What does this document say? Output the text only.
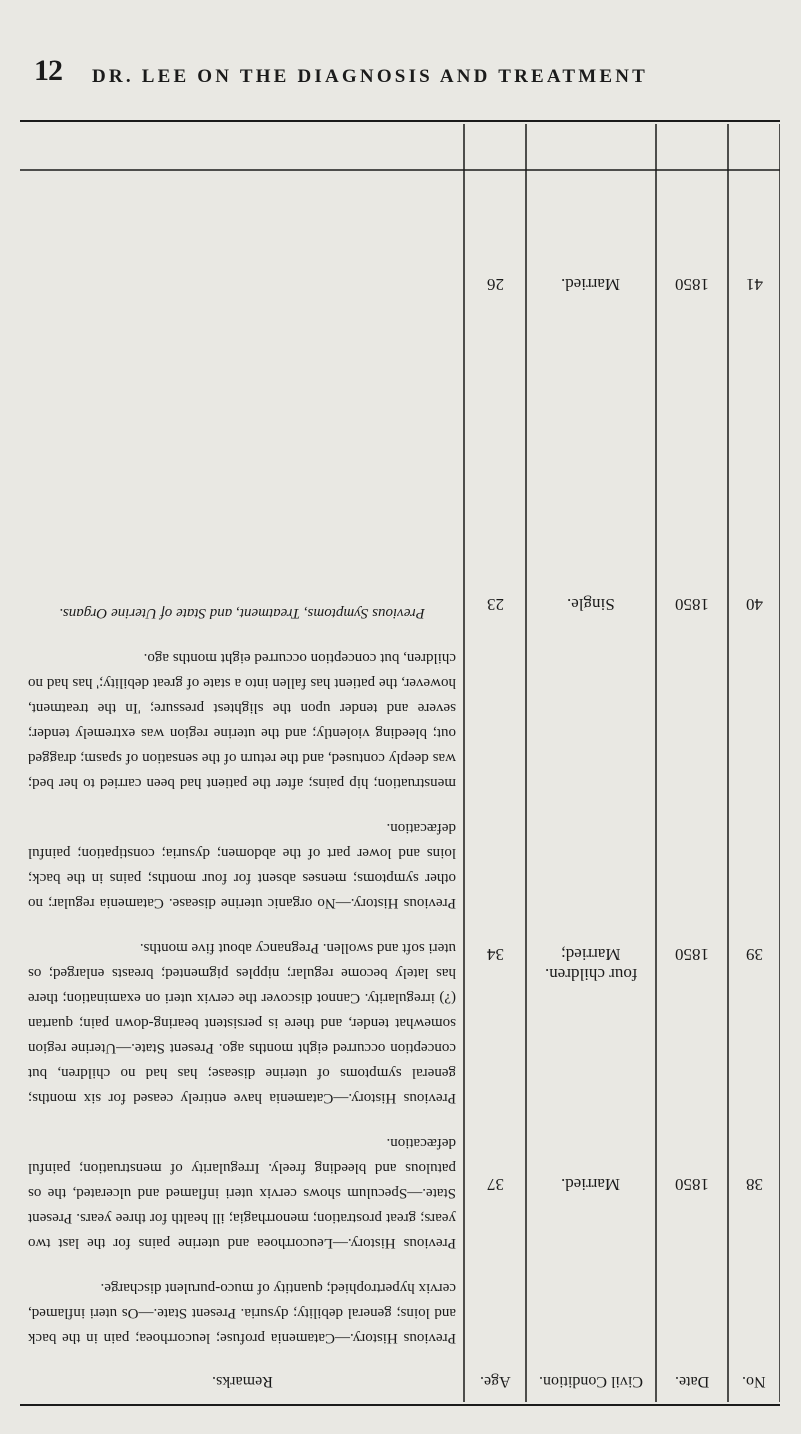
12 DR. LEE ON THE DIAGNOSIS AND TREATMENT
No.
Date.
Civil Condition.
Age.
Remarks.
38
1850
Married.
37
39
1850
Married;
four children.
34
40
1850
Single.
23
41
1850
Married.
26

Previous History.—Catamenia profuse; leucorrhoea; pain in the back and loins; general debility; dysuria. Present State.—Os uteri inflamed, cervix hypertrophied; quantity of muco-purulent discharge.

Previous History.—Leucorrhoea and uterine pains for the last two years; great prostration; menorrhagia; ill health for three years. Present State.—Speculum shows cervix uteri inflamed and ulcerated, the os patulous and bleeding freely. Irregularity of menstruation; painful defæcation.

Previous History.—Catamenia have entirely ceased for six months; general symptoms of uterine disease; has had no children, but conception occurred eight months ago. Present State.—Uterine region somewhat tender, and there is persistent bearing-down pain; quartan (?) irregularity. Cannot discover the cervix uteri on examination; there has lately become regular; nipples pigmented; breasts enlarged; os uteri soft and swollen. Pregnancy about five months.

Previous History.—No organic uterine disease. Catamenia regular; no other symptoms; menses absent for four months; pains in the back; loins and lower part of the abdomen; dysuria; constipation; painful defæcation.

menstruation; hip pains; after the patient had been carried to her bed; was deeply contused, and the return of the sensation of spasm; dragged out; bleeding violently; and the uterine region was extremely tender; severe and tender upon the slightest pressure; 'In the treatment, however, the patient has fallen into a state of great debility;' has had no children, but conception occurred eight months ago.

Previous Symptoms, Treatment, and State of Uterine Organs.
